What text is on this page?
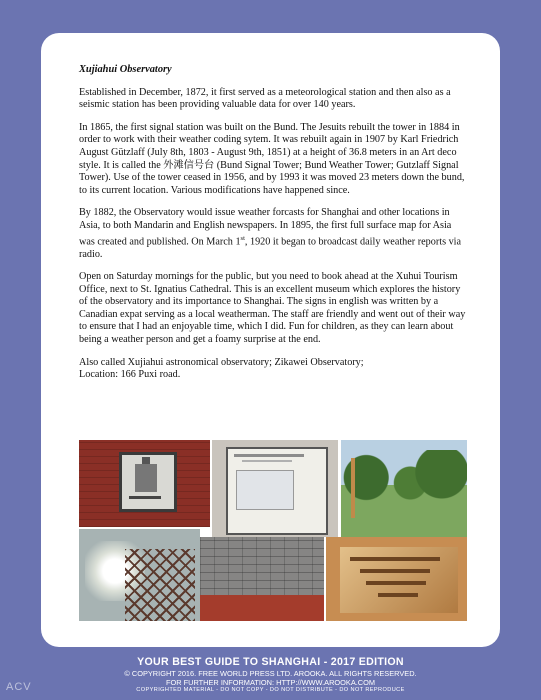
Xujiahui Observatory

Established in December, 1872, it first served as a meteorological station and then also as a seismic station has been providing valuable data for over 140 years.

In 1865, the first signal station was built on the Bund. The Jesuits rebuilt the tower in 1884 in order to work with their weather coding sytem. It was rebuilt again in 1907 by Karl Friedrich August Gützlaff (July 8th, 1803 - August 9th, 1851) at a height of 36.8 meters in an Art deco style. It is called the 外滩信号台 (Bund Signal Tower; Bund Weather Tower; Gutzlaff Signal Tower). Use of the tower ceased in 1956, and by 1993 it was moved 23 meters down the bund, to its current location. Various modifications have happened since.

By 1882, the Observatory would issue weather forcasts for Shanghai and other locations in Asia, to both Mandarin and English newspapers. In 1895, the first full surface map for Asia was created and published. On March 1st, 1920 it began to broadcast daily weather reports via radio.

Open on Saturday mornings for the public, but you need to book ahead at the Xuhui Tourism Office, next to St. Ignatius Cathedral. This is an excellent museum which explores the history of the observatory and its importance to Shanghai. The signs in english was written by a Canadian expat serving as a local weatherman. The staff are friendly and went out of their way to ensure that I had an enjoyable time, which I did. Fun for children, as they can learn about being a weather person and get a foamy surprise at the end.

Also called Xujiahui astronomical observatory; Zikawei Observatory;
Location: 166 Puxi road.

YOUR BEST GUIDE TO SHANGHAI - 2017 EDITION
© COPYRIGHT 2016. FREE WORLD PRESS LTD. AROOKA. ALL RIGHTS RESERVED.
FOR FURTHER INFORMATION: HTTP://WWW.AROOKA.COM
COPYRIGHTED MATERIAL - DO NOT COPY - DO NOT DISTRIBUTE - DO NOT REPRODUCE
ACV
